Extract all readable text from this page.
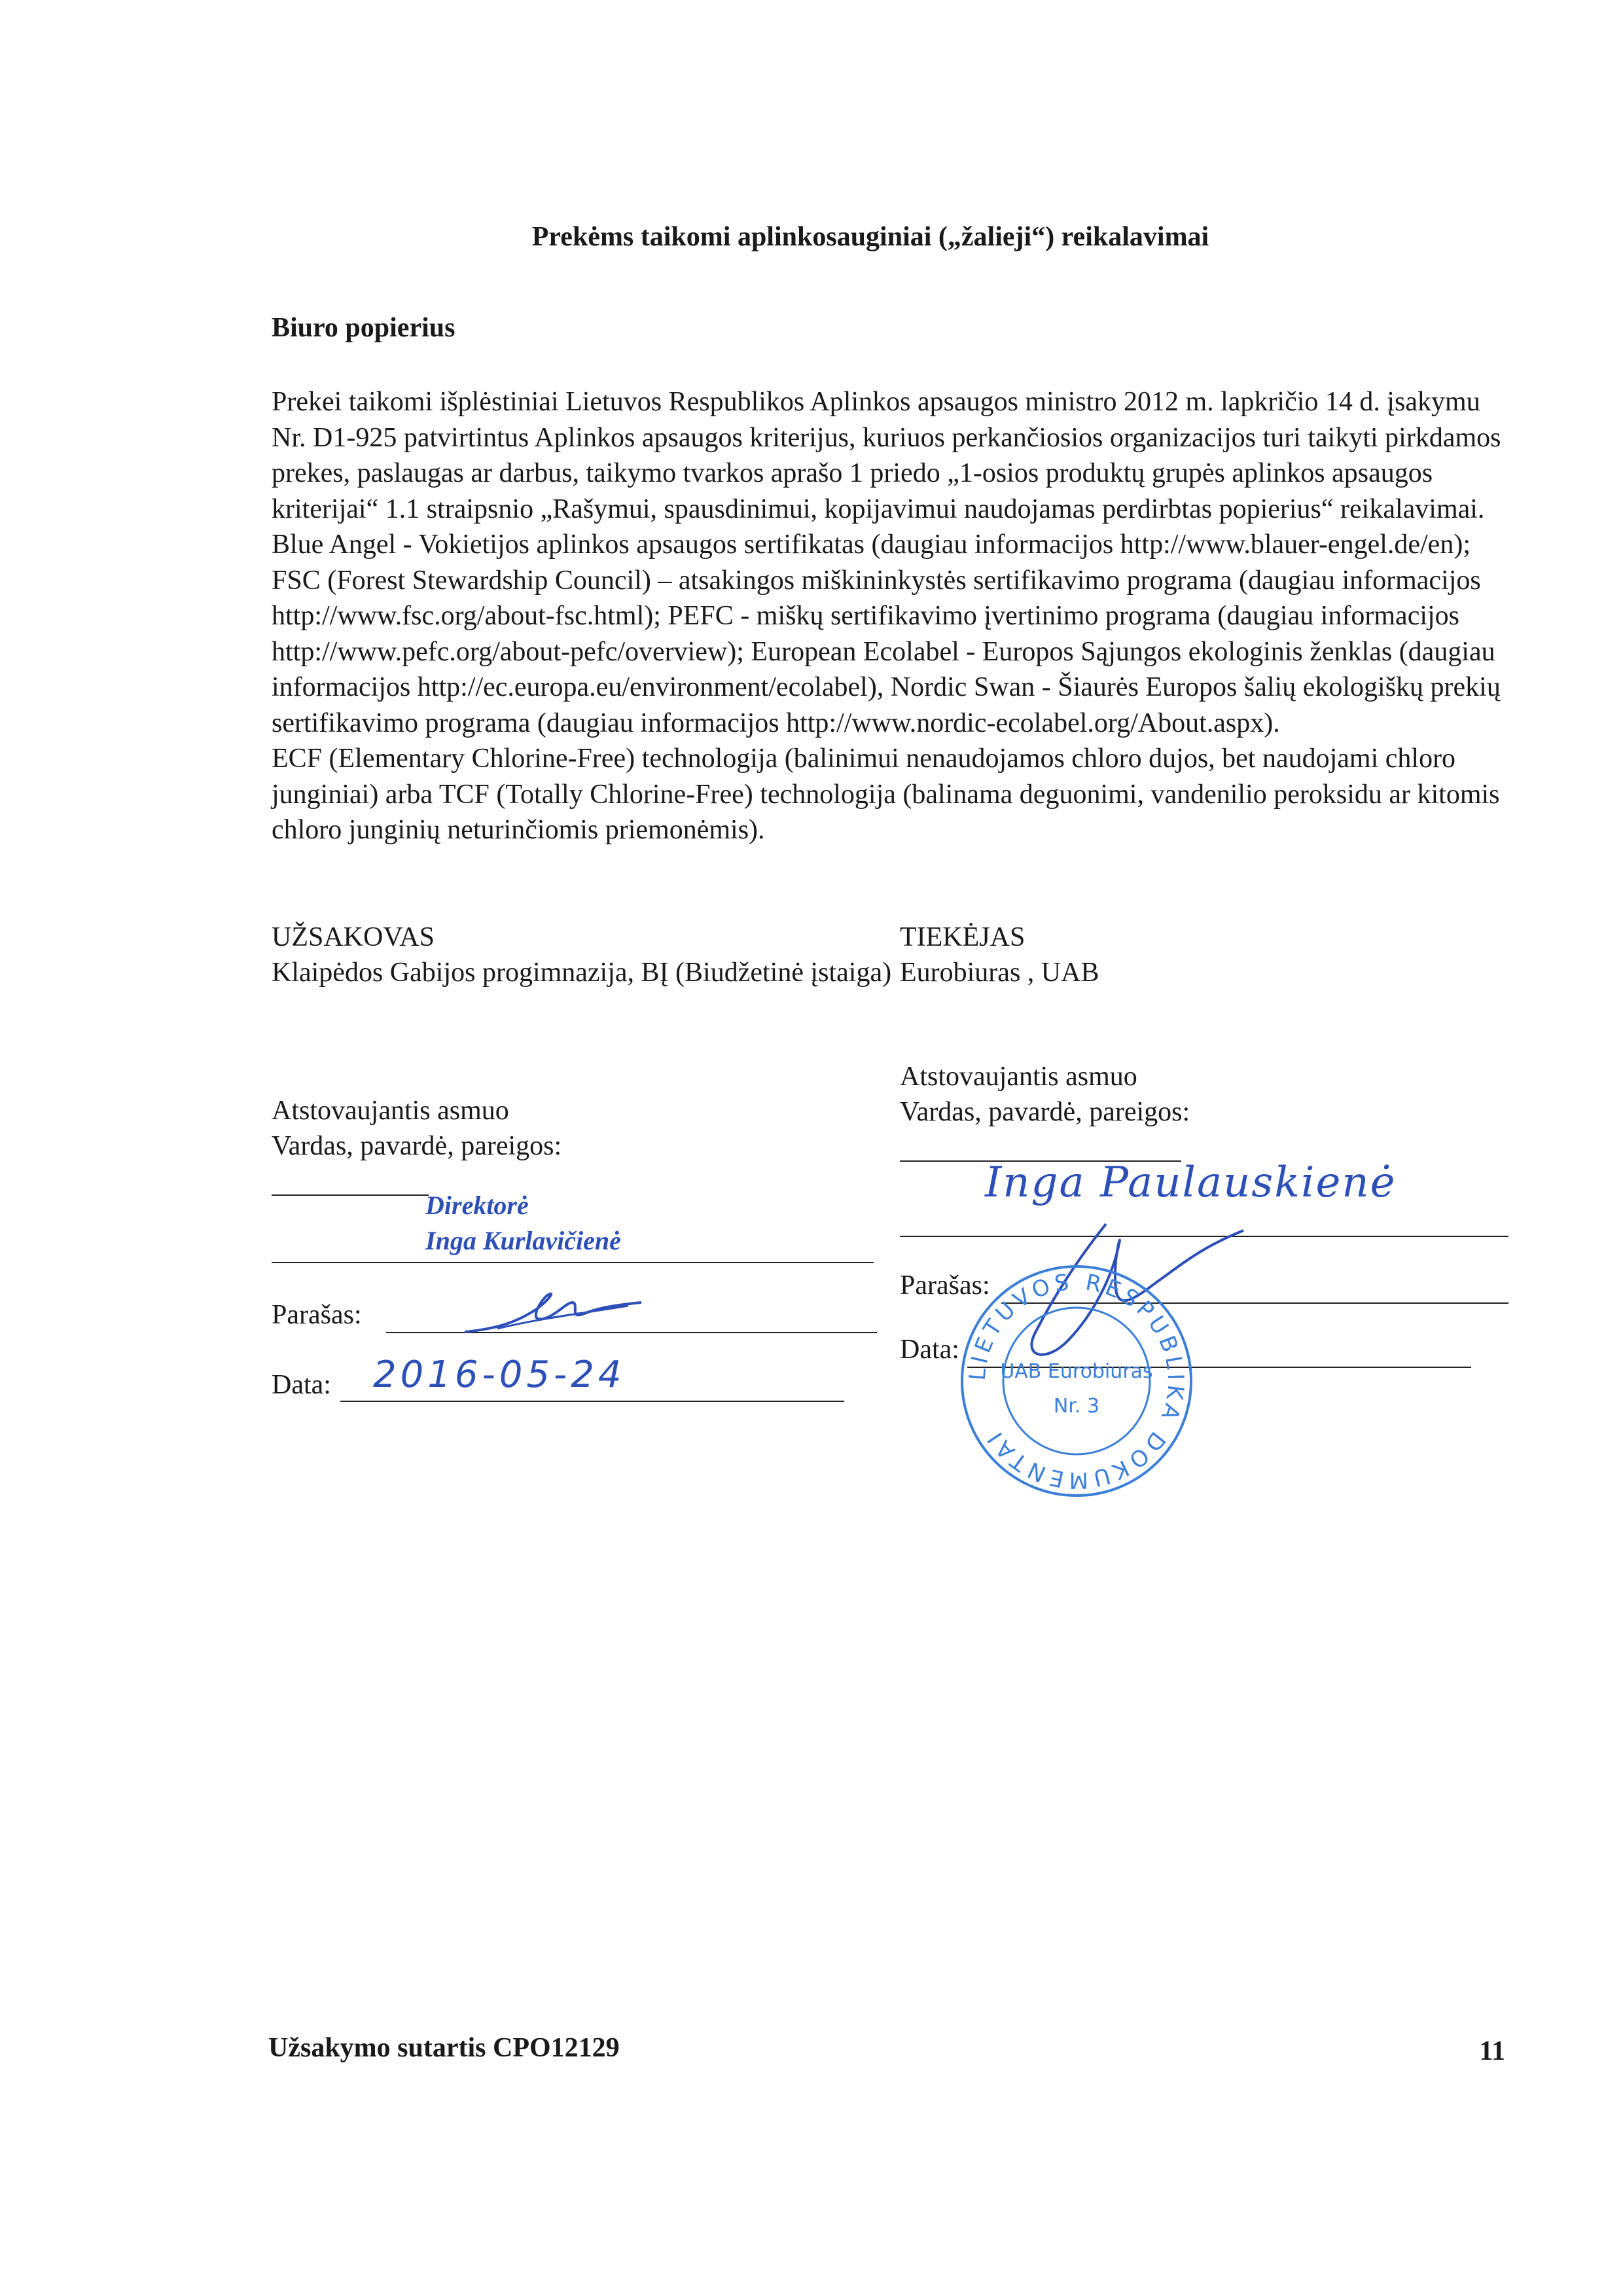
Prekėms taikomi aplinkosauginiai („žalieji“) reikalavimai
Biuro popierius

Prekei taikomi išplėstiniai Lietuvos Respublikos Aplinkos apsaugos ministro 2012 m. lapkričio 14 d. įsakymu Nr. D1-925 patvirtintus Aplinkos apsaugos kriterijus, kuriuos perkančiosios organizacijos turi taikyti pirkdamos prekes, paslaugas ar darbus, taikymo tvarkos aprašo 1 priedo „1-osios produktų grupės aplinkos apsaugos kriterijai“ 1.1 straipsnio „Rašymui, spausdinimui, kopijavimui naudojamas perdirbtas popierius“ reikalavimai.

Blue Angel - Vokietijos aplinkos apsaugos sertifikatas (daugiau informacijos http://www.blauer-engel.de/en); FSC (Forest Stewardship Council) – atsakingos miškininkystės sertifikavimo programa (daugiau informacijos http://www.fsc.org/about-fsc.html); PEFC - miškų sertifikavimo įvertinimo programa (daugiau informacijos http://www.pefc.org/about-pefc/overview); European Ecolabel - Europos Sąjungos ekologinis ženklas (daugiau informacijos http://ec.europa.eu/environment/ecolabel), Nordic Swan - Šiaurės Europos šalių ekologiškų prekių sertifikavimo programa (daugiau informacijos http://www.nordic-ecolabel.org/About.aspx).

ECF (Elementary Chlorine-Free) technologija (balinimui nenaudojamos chloro dujos, bet naudojami chloro junginiai) arba TCF (Totally Chlorine-Free) technologija (balinama deguonimi, vandenilio peroksidu ar kitomis chloro junginių neturinčiomis priemonėmis).

UŽSAKOVAS
Klaipėdos Gabijos progimnazija, BĮ (Biudžetinė įstaiga)
Atstovaujantis asmuo
Vardas, pavardė, pareigos:
Direktorė
Inga Kurlavičienė
Parašas:
Data: 2016-05-24
TIEKĖJAS
Eurobiuras , UAB
Atstovaujantis asmuo
Vardas, pavardė, pareigos:
Inga Paulauskienė
Parašas:
Data:
LIETUVOS RESPUBLIKA DOKUMENTAI
UAB Eurobiuras
Nr. 3
Užsakymo sutartis CPO12129	11
